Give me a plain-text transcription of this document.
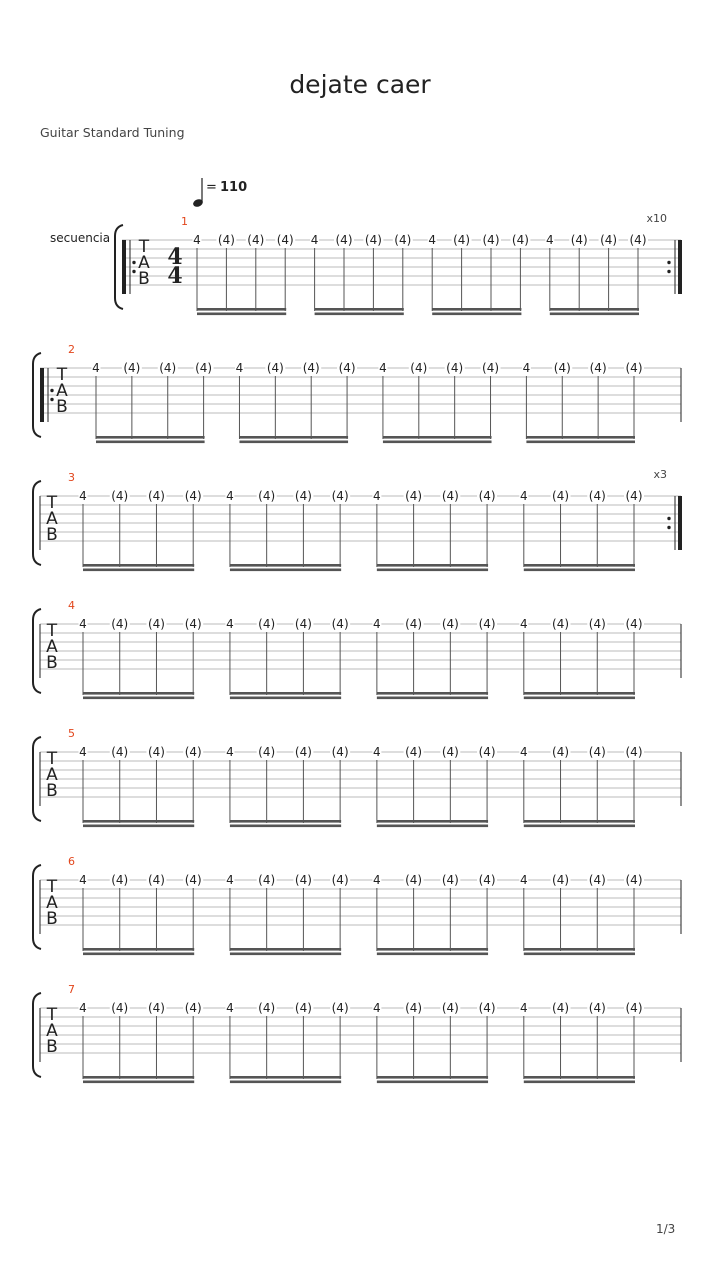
dejate caer
Guitar Standard Tuning
= 110
secuencia T
A
B
4
4
x10
1
4 (4) (4) (4) 4 (4) (4) (4) 4 (4) (4) (4) 4 (4) (4) (4)
T
A
B
2
4 (4) (4) (4) 4 (4) (4) (4) 4 (4) (4) (4) 4 (4) (4) (4)
T
A
B
x3
3
4 (4) (4) (4) 4 (4) (4) (4) 4 (4) (4) (4) 4 (4) (4) (4)
T
A
B
4
4 (4) (4) (4) 4 (4) (4) (4) 4 (4) (4) (4) 4 (4) (4) (4)
T
A
B
5
4 (4) (4) (4) 4 (4) (4) (4) 4 (4) (4) (4) 4 (4) (4) (4)
T
A
B
6
4 (4) (4) (4) 4 (4) (4) (4) 4 (4) (4) (4) 4 (4) (4) (4)
T
A
B
7
4 (4) (4) (4) 4 (4) (4) (4) 4 (4) (4) (4) 4 (4) (4) (4)
1/3
